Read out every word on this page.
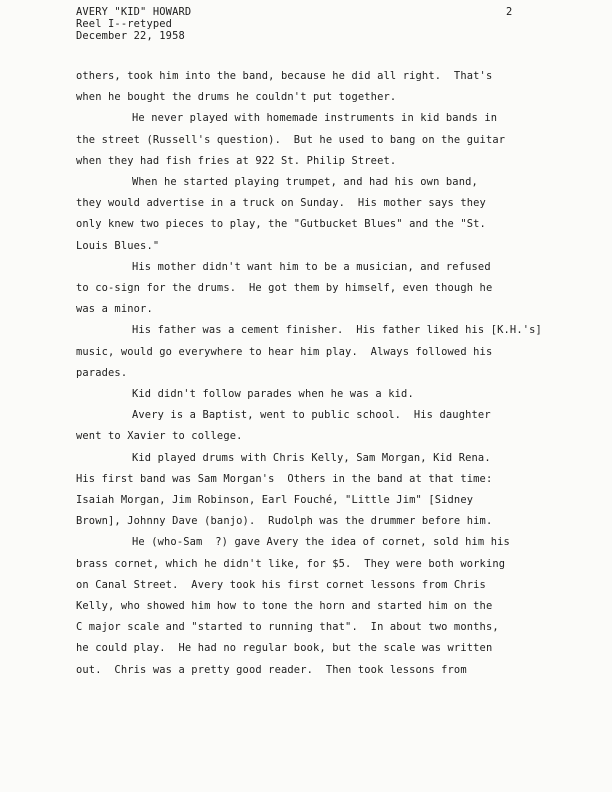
AVERY "KID" HOWARD
Reel I--retyped
December 22, 1958
2
others, took him into the band, because he did all right.  That's
when he bought the drums he couldn't put together.
He never played with homemade instruments in kid bands in
the street (Russell's question).  But he used to bang on the guitar
when they had fish fries at 922 St. Philip Street.
When he started playing trumpet, and had his own band,
they would advertise in a truck on Sunday.  His mother says they
only knew two pieces to play, the "Gutbucket Blues" and the "St.
Louis Blues."
His mother didn't want him to be a musician, and refused
to co-sign for the drums.  He got them by himself, even though he
was a minor.
His father was a cement finisher.  His father liked his [K.H.'s]
music, would go everywhere to hear him play.  Always followed his
parades.
Kid didn't follow parades when he was a kid.
Avery is a Baptist, went to public school.  His daughter
went to Xavier to college.
Kid played drums with Chris Kelly, Sam Morgan, Kid Rena.
His first band was Sam Morgan's  Others in the band at that time:
Isaiah Morgan, Jim Robinson, Earl Fouché, "Little Jim" [Sidney
Brown], Johnny Dave (banjo).  Rudolph was the drummer before him.
He (who-Sam  ?) gave Avery the idea of cornet, sold him his
brass cornet, which he didn't like, for $5.  They were both working
on Canal Street.  Avery took his first cornet lessons from Chris
Kelly, who showed him how to tone the horn and started him on the
C major scale and "started to running that".  In about two months,
he could play.  He had no regular book, but the scale was written
out.  Chris was a pretty good reader.  Then took lessons from
